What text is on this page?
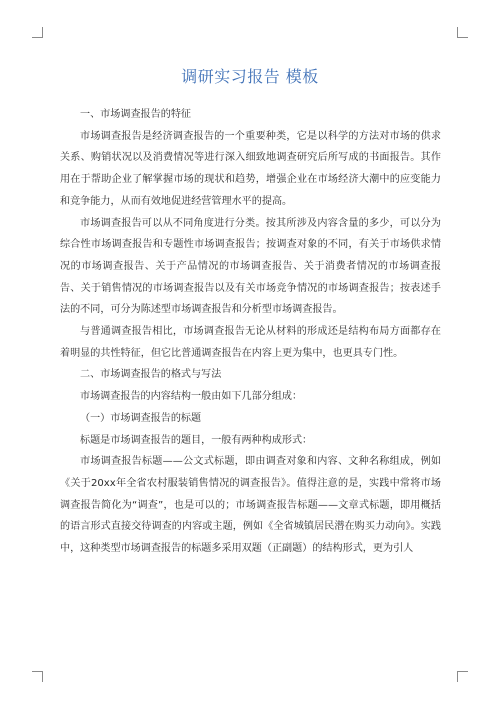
调研实习报告 模板

一、市场调查报告的特征

市场调查报告是经济调查报告的一个重要种类，它是以科学的方法对市场的供求关系、购销状况以及消费情况等进行深入细致地调查研究后所写成的书面报告。其作用在于帮助企业了解掌握市场的现状和趋势，增强企业在市场经济大潮中的应变能力和竞争能力，从而有效地促进经营管理水平的提高。

市场调查报告可以从不同角度进行分类。按其所涉及内容含量的多少，可以分为综合性市场调查报告和专题性市场调查报告；按调查对象的不同，有关于市场供求情况的市场调查报告、关于产品情况的市场调查报告、关于消费者情况的市场调查报告、关于销售情况的市场调查报告以及有关市场竞争情况的市场调查报告；按表述手法的不同，可分为陈述型市场调查报告和分析型市场调查报告。

与普通调查报告相比，市场调查报告无论从材料的形成还是结构布局方面都存在着明显的共性特征，但它比普通调查报告在内容上更为集中，也更具专门性。

二、市场调查报告的格式与写法

市场调查报告的内容结构一般由如下几部分组成：

（一）市场调查报告的标题

标题是市场调查报告的题目，一般有两种构成形式：

市场调查报告标题——公文式标题，即由调查对象和内容、文种名称组成，例如《关于20xx年全省农村服装销售情况的调查报告》。值得注意的是，实践中常将市场调查报告简化为“调查”，也是可以的；市场调查报告标题——文章式标题，即用概括的语言形式直接交待调查的内容或主题，例如《全省城镇居民潜在购买力动向》。实践中，这种类型市场调查报告的标题多采用双题（正副题）的结构形式，更为引人
